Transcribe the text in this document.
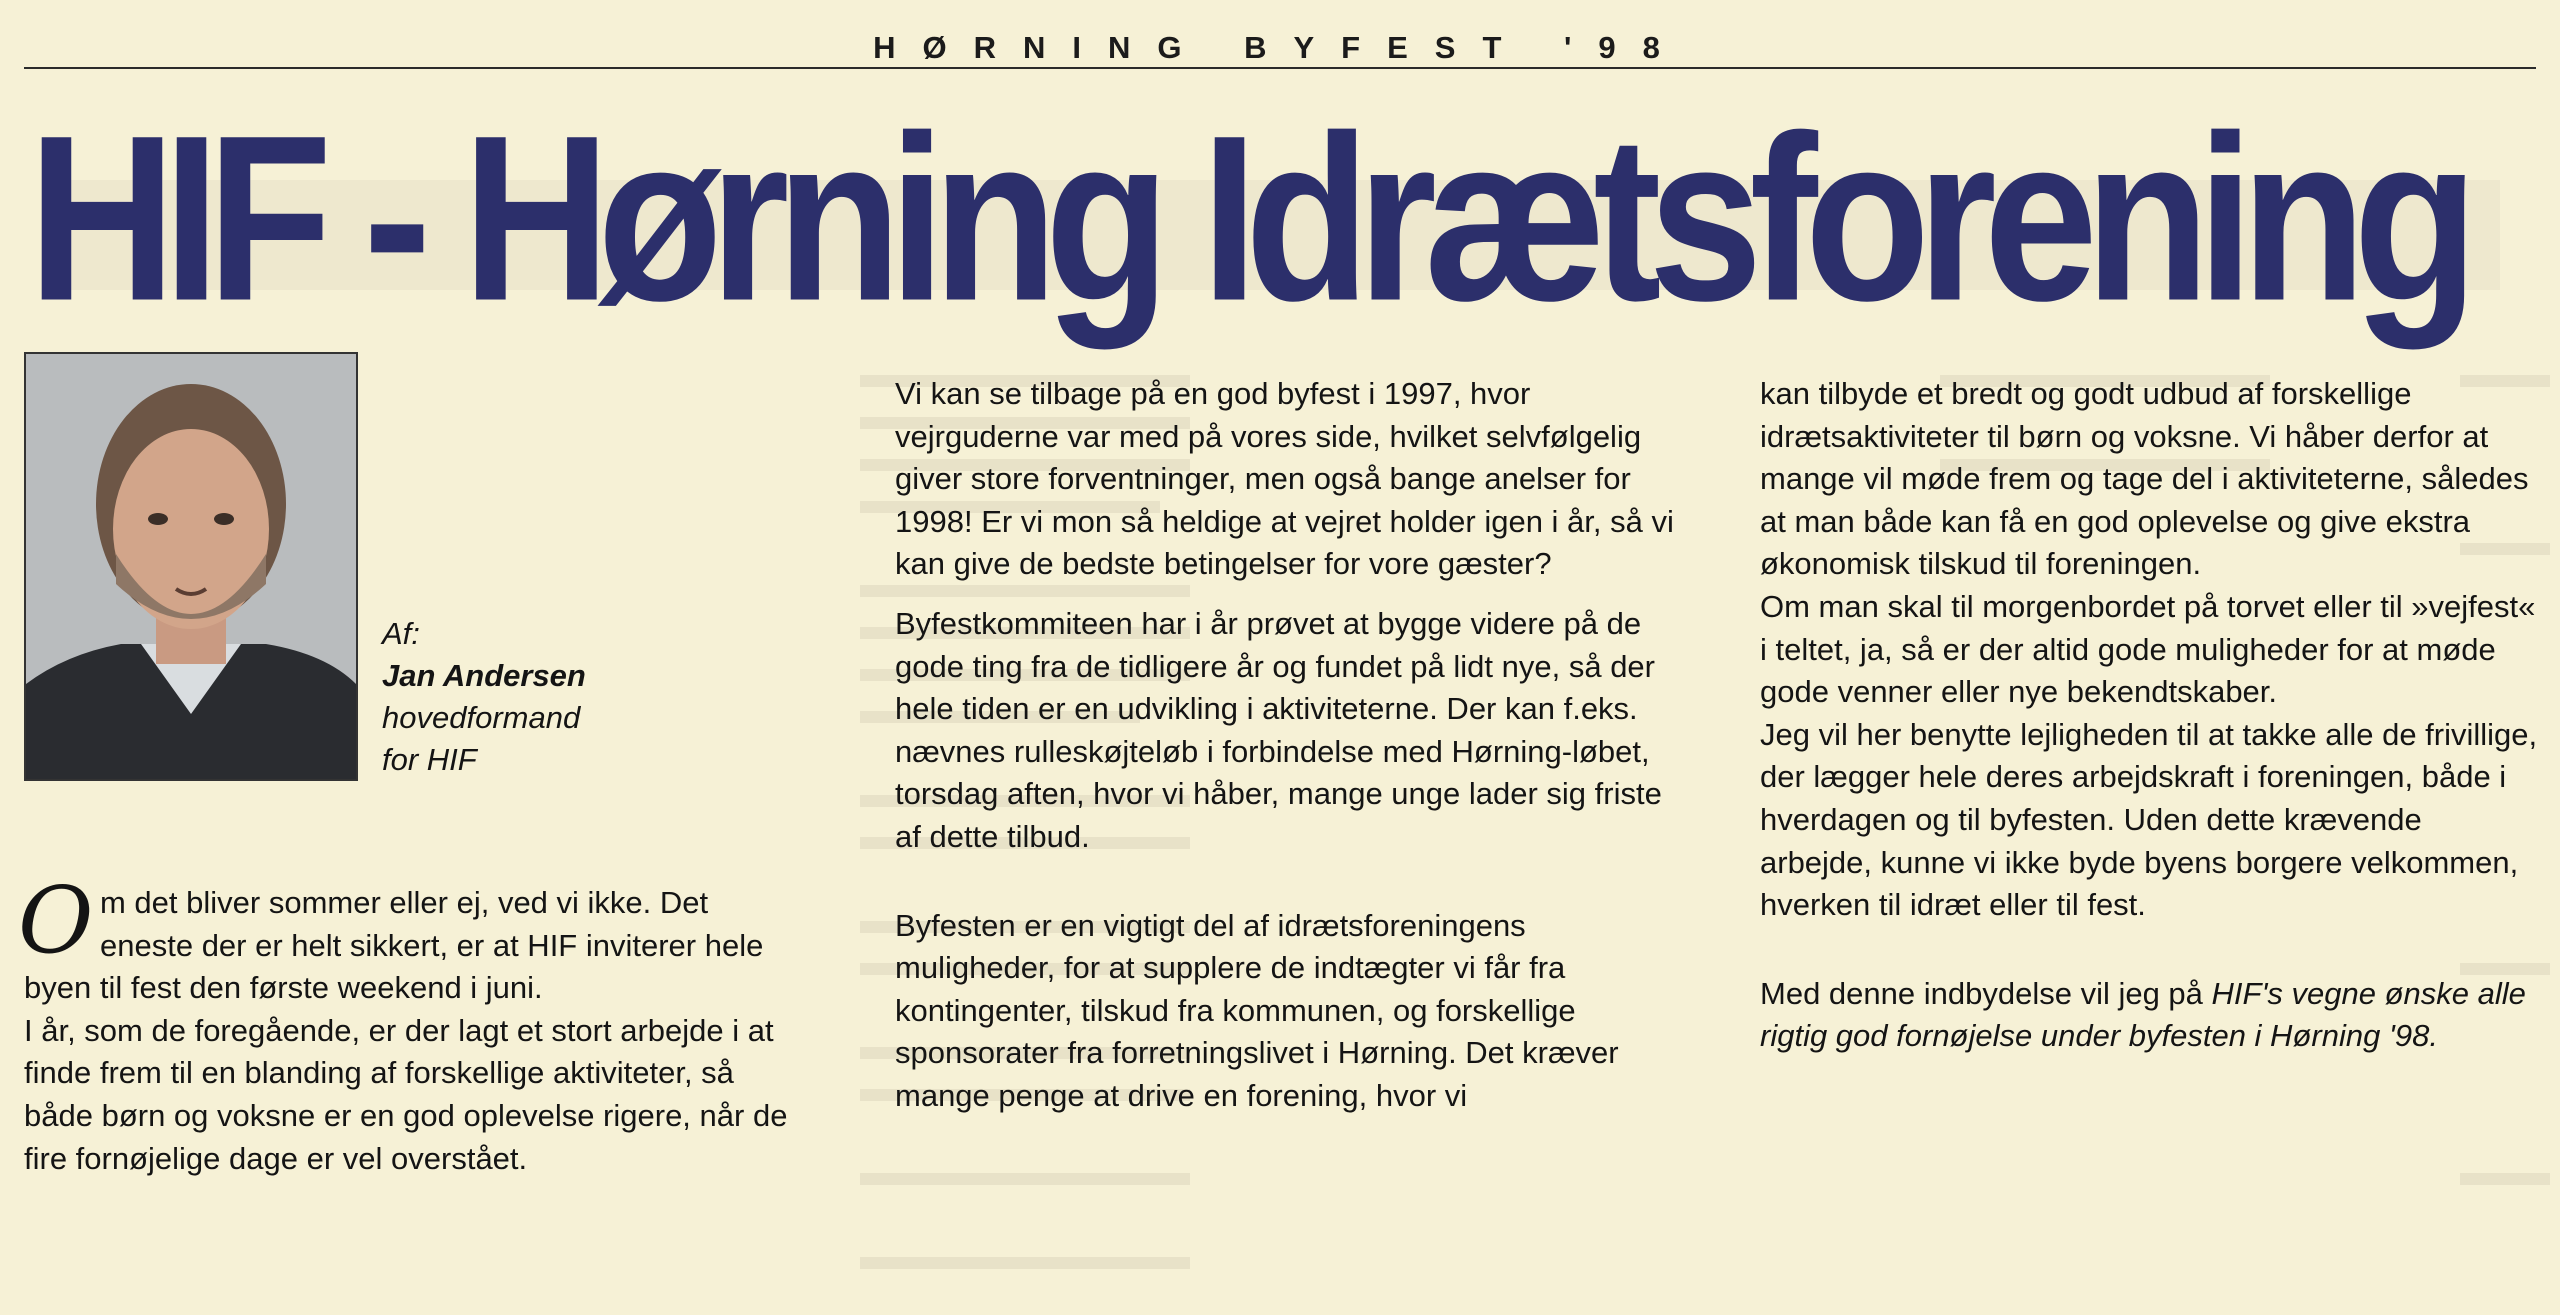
HØRNING BYFEST '98
HIF - Hørning Idrætsforening
Af:
Jan Andersen
hovedformand
for HIF

Om det bliver sommer eller ej, ved vi ikke. Det eneste der er helt sikkert, er at HIF inviterer hele byen til fest den første weekend i juni.

I år, som de foregående, er der lagt et stort arbejde i at finde frem til en blanding af forskellige aktiviteter, så både børn og voksne er en god oplevelse rigere, når de fire fornøjelige dage er vel overstået.

Vi kan se tilbage på en god byfest i 1997, hvor vejrguderne var med på vores side, hvilket selvfølgelig giver store forventninger, men også bange anelser for 1998! Er vi mon så heldige at vejret holder igen i år, så vi kan give de bedste betingelser for vore gæster?

Byfestkommiteen har i år prøvet at bygge videre på de gode ting fra de tidligere år og fundet på lidt nye, så der hele tiden er en udvikling i aktiviteterne. Der kan f.eks. nævnes rulleskøjteløb i forbindelse med Hørning-løbet, torsdag aften, hvor vi håber, mange unge lader sig friste af dette tilbud.

Byfesten er en vigtigt del af idrætsforeningens muligheder, for at supplere de indtægter vi får fra kontingenter, tilskud fra kommunen, og forskellige sponsorater fra forretningslivet i Hørning. Det kræver mange penge at drive en forening, hvor vi

kan tilbyde et bredt og godt udbud af forskellige idrætsaktiviteter til børn og voksne. Vi håber derfor at mange vil møde frem og tage del i aktiviteterne, således at man både kan få en god oplevelse og give ekstra økonomisk tilskud til foreningen.

Om man skal til morgenbordet på torvet eller til »vejfest« i teltet, ja, så er der altid gode muligheder for at møde gode venner eller nye bekendtskaber.

Jeg vil her benytte lejligheden til at takke alle de frivillige, der lægger hele deres arbejdskraft i foreningen, både i hverdagen og til byfesten. Uden dette krævende arbejde, kunne vi ikke byde byens borgere velkommen, hverken til idræt eller til fest.

Med denne indbydelse vil jeg på HIF's vegne ønske alle rigtig god fornøjelse under byfesten i Hørning '98.
